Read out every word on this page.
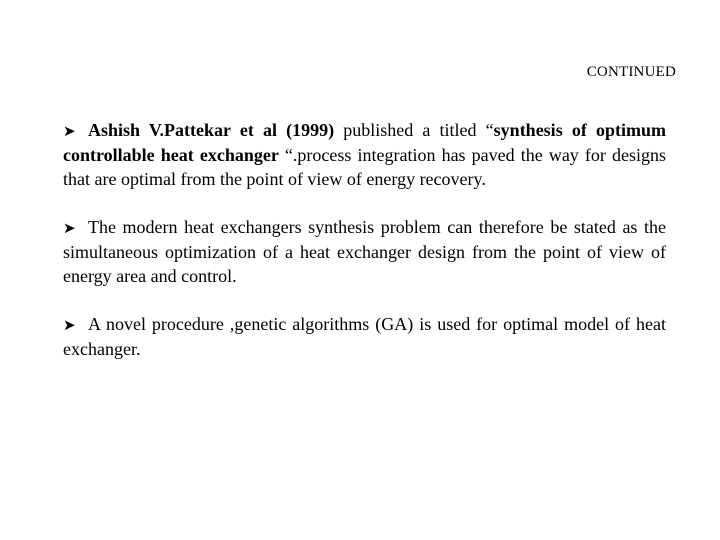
CONTINUED
➤ Ashish V.Pattekar et al (1999) published a titled “synthesis of optimum controllable heat exchanger “.process integration has paved the way for designs that are optimal from the point of view of energy recovery.
➤ The modern heat exchangers synthesis problem can therefore be stated as the simultaneous optimization of a heat exchanger design from the point of view of energy area and control.
➤ A novel procedure ,genetic algorithms (GA) is used for optimal model of heat exchanger.
